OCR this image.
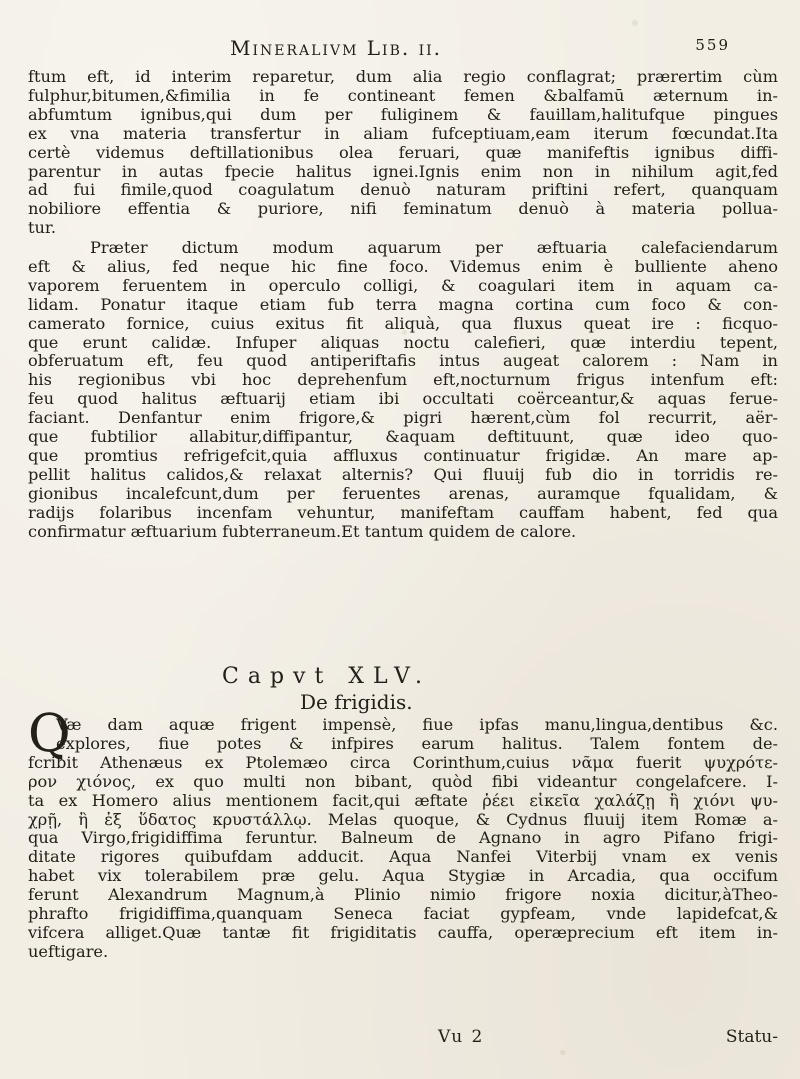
Mineralivm Lib. ii.	559
ftum eft, id interim reparetur, dum alia regio conflagrat; prærertim cùm
fulphur,bitumen,&fimilia in fe contineant femen &balfamū æternum in-
abfumtum ignibus,qui dum per fuliginem & fauillam,halitufque pingues
ex vna materia transfertur in aliam fufceptiuam,eam iterum fœcundat.Ita
certè videmus deftillationibus olea feruari, quæ manifeftis ignibus diffi-
parentur in autas fpecie halitus ignei.Ignis enim non in nihilum agit,fed
ad fui fimile,quod coagulatum denuò naturam priftini refert, quanquam
nobiliore effentia & puriore, nifi feminatum denuò à materia pollua-
tur.
Præter dictum modum aquarum per æftuaria calefaciendarum
eft & alius, fed neque hic fine foco. Videmus enim è bulliente aheno
vaporem feruentem in operculo colligi, & coagulari item in aquam ca-
lidam. Ponatur itaque etiam fub terra magna cortina cum foco & con-
camerato fornice, cuius exitus fit aliquà, qua fluxus queat ire : ficquo-
que erunt calidæ. Infuper aliquas noctu calefieri, quæ interdiu tepent,
obferuatum eft, feu quod antiperiftafis intus augeat calorem : Nam in
his regionibus vbi hoc deprehenfum eft,nocturnum frigus intenfum eft:
feu quod halitus æftuarij etiam ibi occultati coërceantur,& aquas ferue-
faciant. Denfantur enim frigore,& pigri hærent,cùm fol recurrit, aër-
que fubtilior allabitur,diffipantur, &aquam deftituunt, quæ ideo quo-
que promtius refrigefcit,quia affluxus continuatur frigidæ. An mare ap-
pellit halitus calidos,& relaxat alternis? Qui fluuij fub dio in torridis re-
gionibus incalefcunt,dum per feruentes arenas, auramque fqualidam, &
radijs folaribus incenfam vehuntur, manifeftam cauffam habent, fed qua
confirmatur æftuarium fubterraneum.Et tantum quidem de calore.
Capvt XLV.
De frigidis.
Q
Væ dam aquæ frigent impensè, fiue ipfas manu,lingua,dentibus &c.
explores, fiue potes & infpires earum halitus. Talem fontem de-
fcribit Athenæus ex Ptolemæo circa Corinthum,cuius νᾶμα fuerit ψυχρότε-
ρον χιόνος, ex quo multi non bibant, quòd fibi videantur congelafcere. I-
ta ex Homero alius mentionem facit,qui æftate ῥέει εἰκεῖα χαλάζῃ ἢ χιόνι ψυ-
χρῇ, ἢ ἐξ ὕδατος κρυστάλλῳ. Melas quoque, & Cydnus fluuij item Romæ a-
qua Virgo,frigidiffima feruntur. Balneum de Agnano in agro Pifano frigi-
ditate rigores quibufdam adducit. Aqua Nanfei Viterbij vnam ex venis
habet vix tolerabilem præ gelu. Aqua Stygiæ in Arcadia, qua occifum
ferunt Alexandrum Magnum,à Plinio nimio frigore noxia dicitur,àTheo-
phrafto frigidiffima,quanquam Seneca faciat gypfeam, vnde lapidefcat,&
vifcera alliget.Quæ tantæ fit frigiditatis cauffa, operæprecium eft item in-
ueftigare.
Vu 2	Statu-
